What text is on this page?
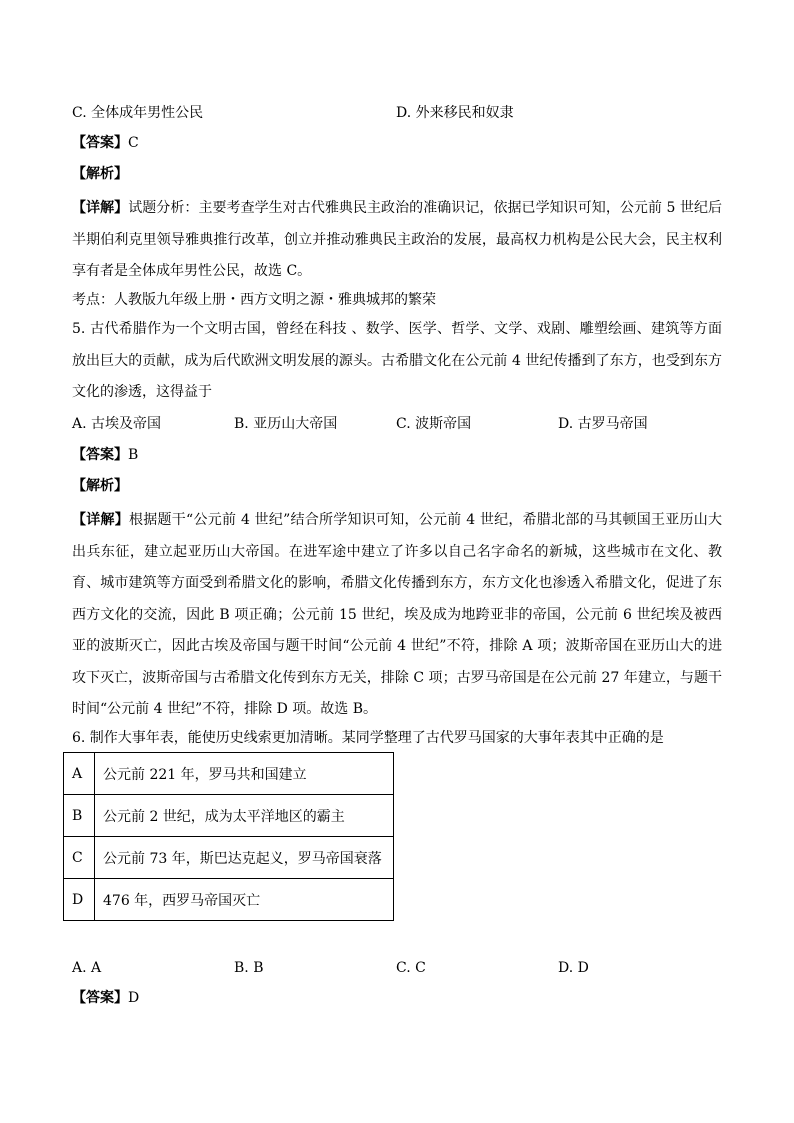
C. 全体成年男性公民	D. 外来移民和奴隶
【答案】C
【解析】
【详解】试题分析：主要考查学生对古代雅典民主政治的准确识记，依据已学知识可知，公元前 5 世纪后半期伯利克里领导雅典推行改革，创立并推动雅典民主政治的发展，最高权力机构是公民大会，民主权利享有者是全体成年男性公民，故选 C。
考点：人教版九年级上册・西方文明之源・雅典城邦的繁荣
5. 古代希腊作为一个文明古国，曾经在科技 、数学、医学、哲学、文学、戏剧、雕塑绘画、建筑等方面放出巨大的贡献，成为后代欧洲文明发展的源头。古希腊文化在公元前 4 世纪传播到了东方，也受到东方文化的渗透，这得益于
A. 古埃及帝国	B. 亚历山大帝国	C. 波斯帝国	D. 古罗马帝国
【答案】B
【解析】
【详解】根据题干“公元前 4 世纪”结合所学知识可知，公元前 4 世纪，希腊北部的马其顿国王亚历山大出兵东征，建立起亚历山大帝国。在进军途中建立了许多以自己名字命名的新城，这些城市在文化、教育、城市建筑等方面受到希腊文化的影响，希腊文化传播到东方，东方文化也渗透入希腊文化，促进了东西方文化的交流，因此 B 项正确；公元前 15 世纪，埃及成为地跨亚非的帝国，公元前 6 世纪埃及被西亚的波斯灭亡，因此古埃及帝国与题干时间“公元前 4 世纪”不符，排除 A 项；波斯帝国在亚历山大的进攻下灭亡，波斯帝国与古希腊文化传到东方无关，排除 C 项；古罗马帝国是在公元前 27 年建立，与题干时间“公元前 4 世纪”不符，排除 D 项。故选 B。
6. 制作大事年表，能使历史线索更加清晰。某同学整理了古代罗马国家的大事年表其中正确的是
A	公元前 221 年，罗马共和国建立
B	公元前 2 世纪，成为太平洋地区的霸主
C	公元前 73 年，斯巴达克起义，罗马帝国衰落
D	476 年，西罗马帝国灭亡
A. A	B. B	C. C	D. D
【答案】D
